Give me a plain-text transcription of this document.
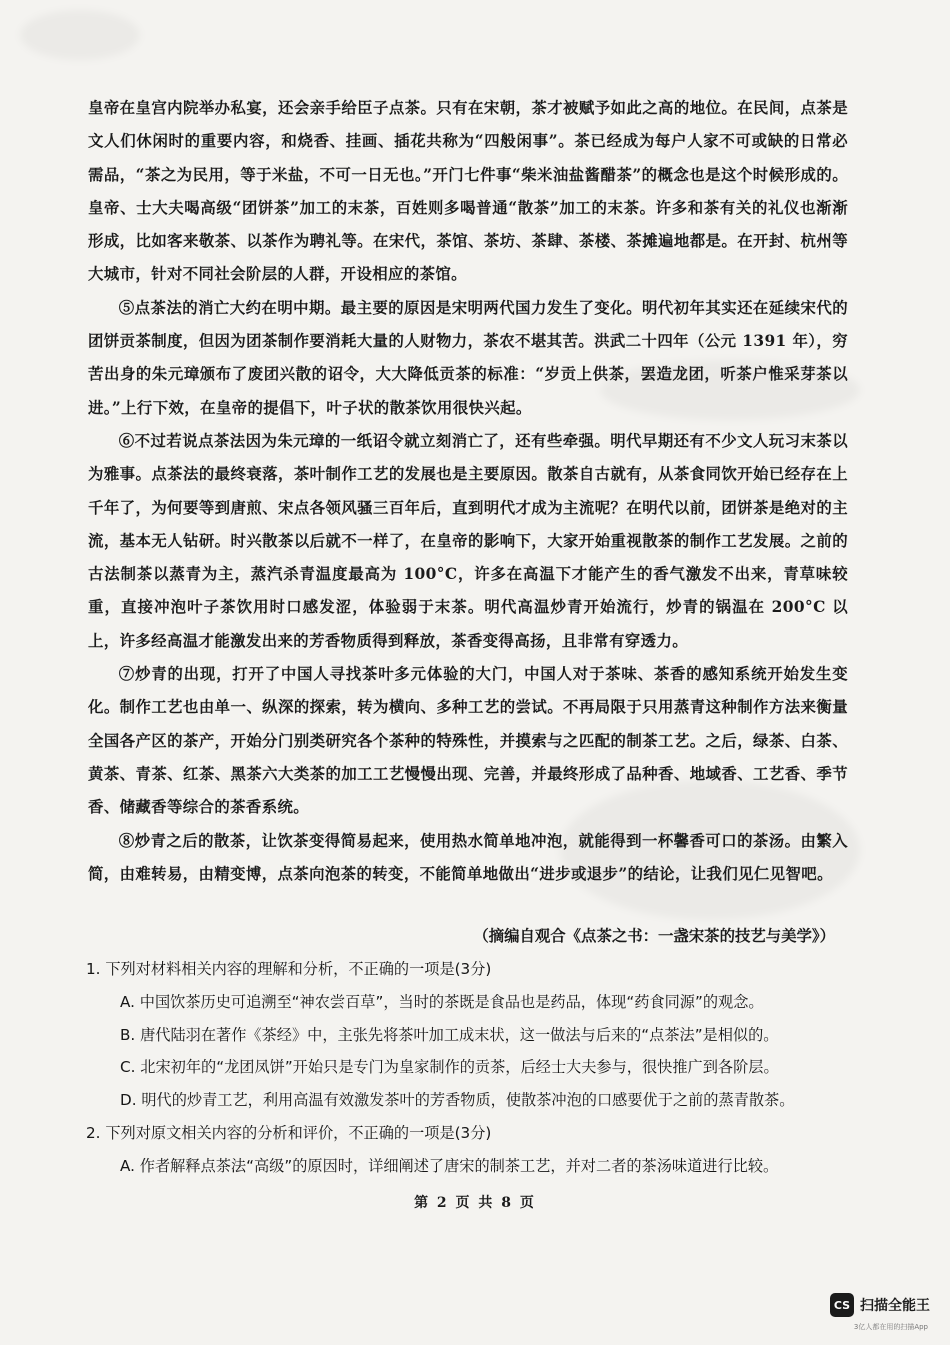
皇帝在皇宫内院举办私宴，还会亲手给臣子点茶。只有在宋朝，茶才被赋予如此之高的地位。在民间，点茶是文人们休闲时的重要内容，和烧香、挂画、插花共称为“四般闲事”。茶已经成为每户人家不可或缺的日常必需品，“茶之为民用，等于米盐，不可一日无也。”开门七件事“柴米油盐酱醋茶”的概念也是这个时候形成的。皇帝、士大夫喝高级“团饼茶”加工的末茶，百姓则多喝普通“散茶”加工的末茶。许多和茶有关的礼仪也渐渐形成，比如客来敬茶、以茶作为聘礼等。在宋代，茶馆、茶坊、茶肆、茶楼、茶摊遍地都是。在开封、杭州等大城市，针对不同社会阶层的人群，开设相应的茶馆。

⑤点茶法的消亡大约在明中期。最主要的原因是宋明两代国力发生了变化。明代初年其实还在延续宋代的团饼贡茶制度，但因为团茶制作要消耗大量的人财物力，茶农不堪其苦。洪武二十四年（公元 1391 年），穷苦出身的朱元璋颁布了废团兴散的诏令，大大降低贡茶的标准：“岁贡上供茶，罢造龙团，听茶户惟采芽茶以进。”上行下效，在皇帝的提倡下，叶子状的散茶饮用很快兴起。

⑥不过若说点茶法因为朱元璋的一纸诏令就立刻消亡了，还有些牵强。明代早期还有不少文人玩习末茶以为雅事。点茶法的最终衰落，茶叶制作工艺的发展也是主要原因。散茶自古就有，从茶食同饮开始已经存在上千年了，为何要等到唐煎、宋点各领风骚三百年后，直到明代才成为主流呢？在明代以前，团饼茶是绝对的主流，基本无人钻研。时兴散茶以后就不一样了，在皇帝的影响下，大家开始重视散茶的制作工艺发展。之前的古法制茶以蒸青为主，蒸汽杀青温度最高为 100°C，许多在高温下才能产生的香气激发不出来，青草味较重，直接冲泡叶子茶饮用时口感发涩，体验弱于末茶。明代高温炒青开始流行，炒青的锅温在 200°C 以上，许多经高温才能激发出来的芳香物质得到释放，茶香变得高扬，且非常有穿透力。

⑦炒青的出现，打开了中国人寻找茶叶多元体验的大门，中国人对于茶味、茶香的感知系统开始发生变化。制作工艺也由单一、纵深的探索，转为横向、多种工艺的尝试。不再局限于只用蒸青这种制作方法来衡量全国各产区的茶产，开始分门别类研究各个茶种的特殊性，并摸索与之匹配的制茶工艺。之后，绿茶、白茶、黄茶、青茶、红茶、黑茶六大类茶的加工工艺慢慢出现、完善，并最终形成了品种香、地域香、工艺香、季节香、储藏香等综合的茶香系统。

⑧炒青之后的散茶，让饮茶变得简易起来，使用热水简单地冲泡，就能得到一杯馨香可口的茶汤。由繁入简，由难转易，由精变博，点茶向泡茶的转变，不能简单地做出“进步或退步”的结论，让我们见仁见智吧。

（摘编自观合《点茶之书：一盏宋茶的技艺与美学》）

1. 下列对材料相关内容的理解和分析，不正确的一项是(3分)

A. 中国饮茶历史可追溯至“神农尝百草”，当时的茶既是食品也是药品，体现“药食同源”的观念。

B. 唐代陆羽在著作《茶经》中，主张先将茶叶加工成末状，这一做法与后来的“点茶法”是相似的。

C. 北宋初年的“龙团凤饼”开始只是专门为皇家制作的贡茶，后经士大夫参与，很快推广到各阶层。

D. 明代的炒青工艺，利用高温有效激发茶叶的芳香物质，使散茶冲泡的口感要优于之前的蒸青散茶。

2. 下列对原文相关内容的分析和评价，不正确的一项是(3分)

A. 作者解释点茶法“高级”的原因时，详细阐述了唐宋的制茶工艺，并对二者的茶汤味道进行比较。

第 2 页 共 8 页
CS 扫描全能王
3亿人都在用的扫描App
